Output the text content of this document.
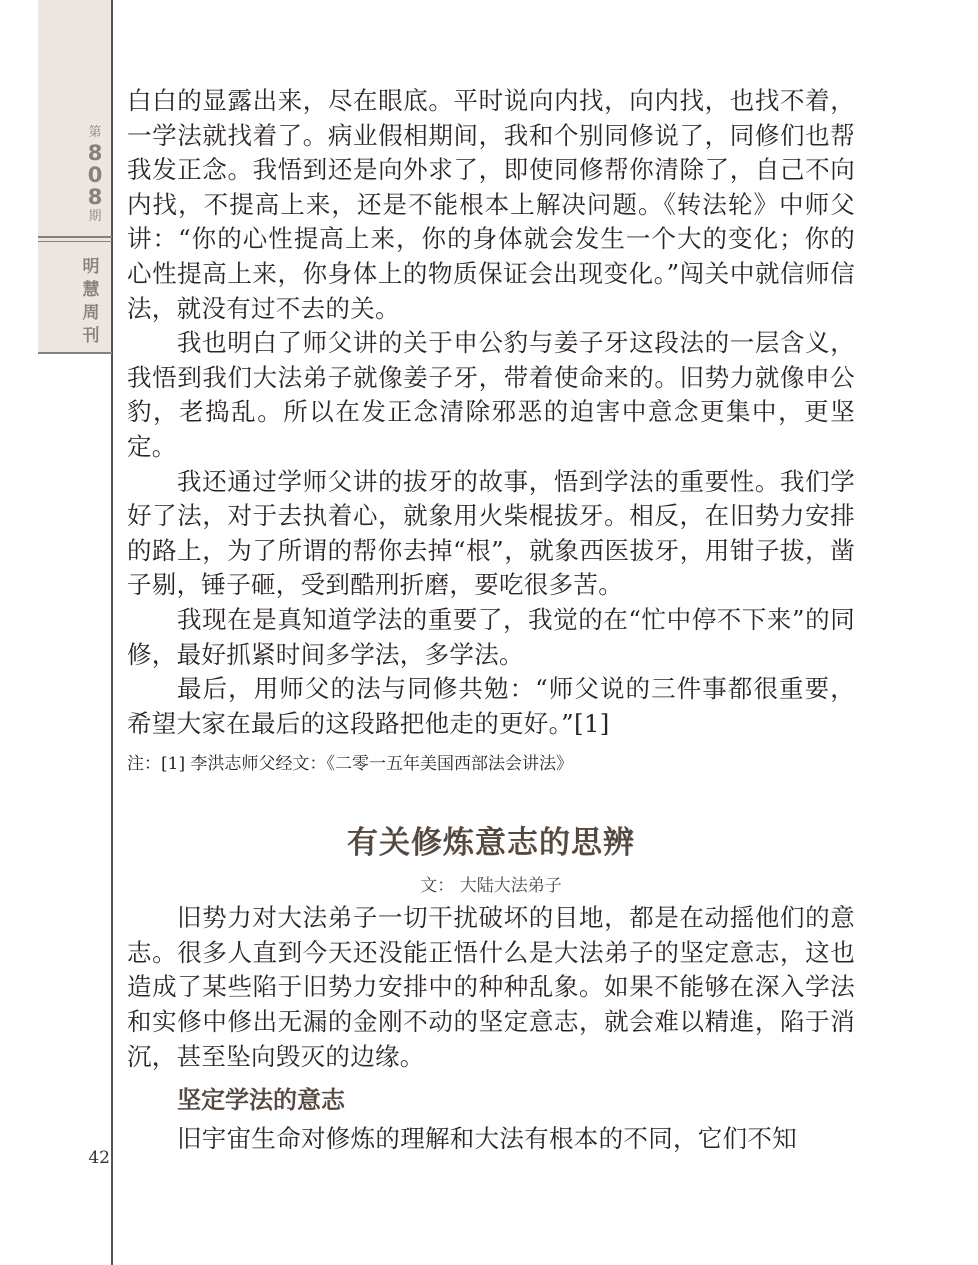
第
8
0
8
期
明
慧
周
刊
42

白白的显露出来，尽在眼底。平时说向内找，向内找，也找不着，一学法就找着了。病业假相期间，我和个别同修说了，同修们也帮我发正念。我悟到还是向外求了，即使同修帮你清除了，自己不向内找，不提高上来，还是不能根本上解决问题。《转法轮》中师父讲：“你的心性提高上来，你的身体就会发生一个大的变化；你的心性提高上来，你身体上的物质保证会出现变化。”闯关中就信师信法，就没有过不去的关。

我也明白了师父讲的关于申公豹与姜子牙这段法的一层含义，我悟到我们大法弟子就像姜子牙，带着使命来的。旧势力就像申公豹，老捣乱。所以在发正念清除邪恶的迫害中意念更集中，更坚定。

我还通过学师父讲的拔牙的故事，悟到学法的重要性。我们学好了法，对于去执着心，就象用火柴棍拔牙。相反，在旧势力安排的路上，为了所谓的帮你去掉“根”，就象西医拔牙，用钳子拔，凿子剔，锤子砸，受到酷刑折磨，要吃很多苦。

我现在是真知道学法的重要了，我觉的在“忙中停不下来”的同修，最好抓紧时间多学法，多学法。

最后，用师父的法与同修共勉：“师父说的三件事都很重要，希望大家在最后的这段路把他走的更好。”[1]

注：[1] 李洪志师父经文：《二零一五年美国西部法会讲法》
有关修炼意志的思辨
文： 大陆大法弟子

旧势力对大法弟子一切干扰破坏的目地，都是在动摇他们的意志。很多人直到今天还没能正悟什么是大法弟子的坚定意志，这也造成了某些陷于旧势力安排中的种种乱象。如果不能够在深入学法和实修中修出无漏的金刚不动的坚定意志，就会难以精進，陷于消沉，甚至坠向毁灭的边缘。

坚定学法的意志

旧宇宙生命对修炼的理解和大法有根本的不同，它们不知
